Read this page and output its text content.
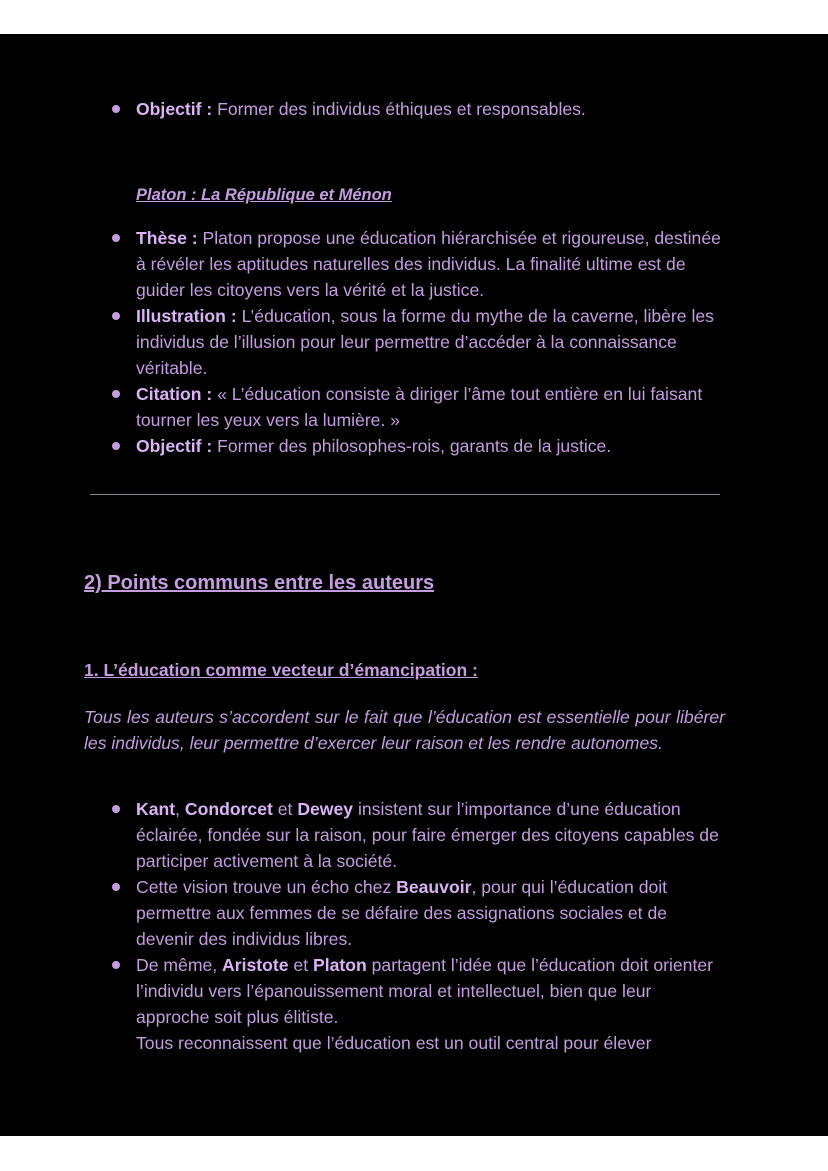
Objectif : Former des individus éthiques et responsables.
Platon : La République et Ménon
Thèse : Platon propose une éducation hiérarchisée et rigoureuse, destinée à révéler les aptitudes naturelles des individus. La finalité ultime est de guider les citoyens vers la vérité et la justice.
Illustration : L’éducation, sous la forme du mythe de la caverne, libère les individus de l’illusion pour leur permettre d’accéder à la connaissance véritable.
Citation : « L’éducation consiste à diriger l’âme tout entière en lui faisant tourner les yeux vers la lumière. »
Objectif : Former des philosophes-rois, garants de la justice.
2) Points communs entre les auteurs
1. L’éducation comme vecteur d’émancipation :

Tous les auteurs s’accordent sur le fait que l’éducation est essentielle pour libérer les individus, leur permettre d’exercer leur raison et les rendre autonomes.

Kant, Condorcet et Dewey insistent sur l’importance d’une éducation éclairée, fondée sur la raison, pour faire émerger des citoyens capables de participer activement à la société.
Cette vision trouve un écho chez Beauvoir, pour qui l’éducation doit permettre aux femmes de se défaire des assignations sociales et de devenir des individus libres.
De même, Aristote et Platon partagent l’idée que l’éducation doit orienter l’individu vers l’épanouissement moral et intellectuel, bien que leur approche soit plus élitiste.
Tous reconnaissent que l’éducation est un outil central pour élever
